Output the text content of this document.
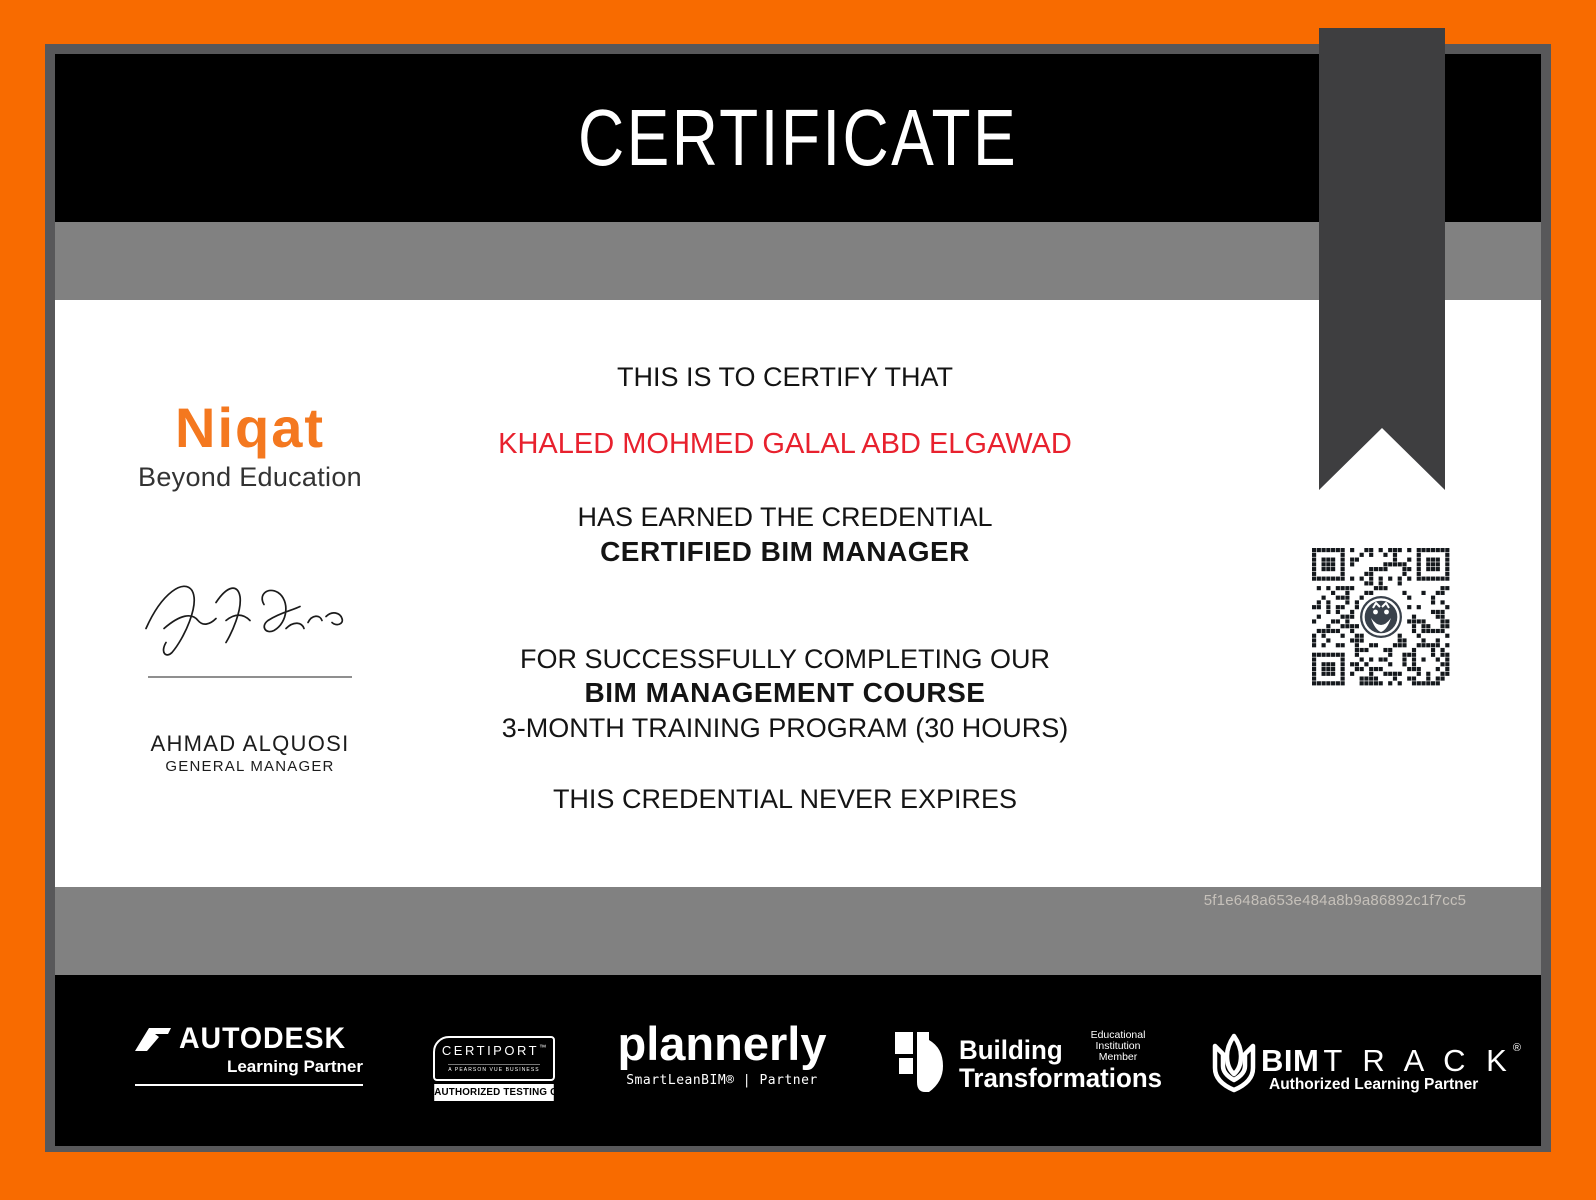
CERTIFICATE
Niqat
Beyond Education
AHMAD ALQUOSI
GENERAL MANAGER
THIS IS TO CERTIFY THAT
KHALED MOHMED GALAL ABD ELGAWAD
HAS EARNED THE CREDENTIAL
CERTIFIED BIM MANAGER
FOR SUCCESSFULLY COMPLETING OUR
BIM MANAGEMENT COURSE
3-MONTH TRAINING PROGRAM (30 HOURS)
THIS CREDENTIAL NEVER EXPIRES
5f1e648a653e484a8b9a86892c1f7cc5
AUTODESK
Learning Partner
CERTIPORT™
A PEARSON VUE BUSINESS
AUTHORIZED TESTING CENTER
plannerly
SmartLeanBIM® | Partner
Building
Transformations
Educational Institution Member	BIM T R A C K®
Authorized Learning Partner
